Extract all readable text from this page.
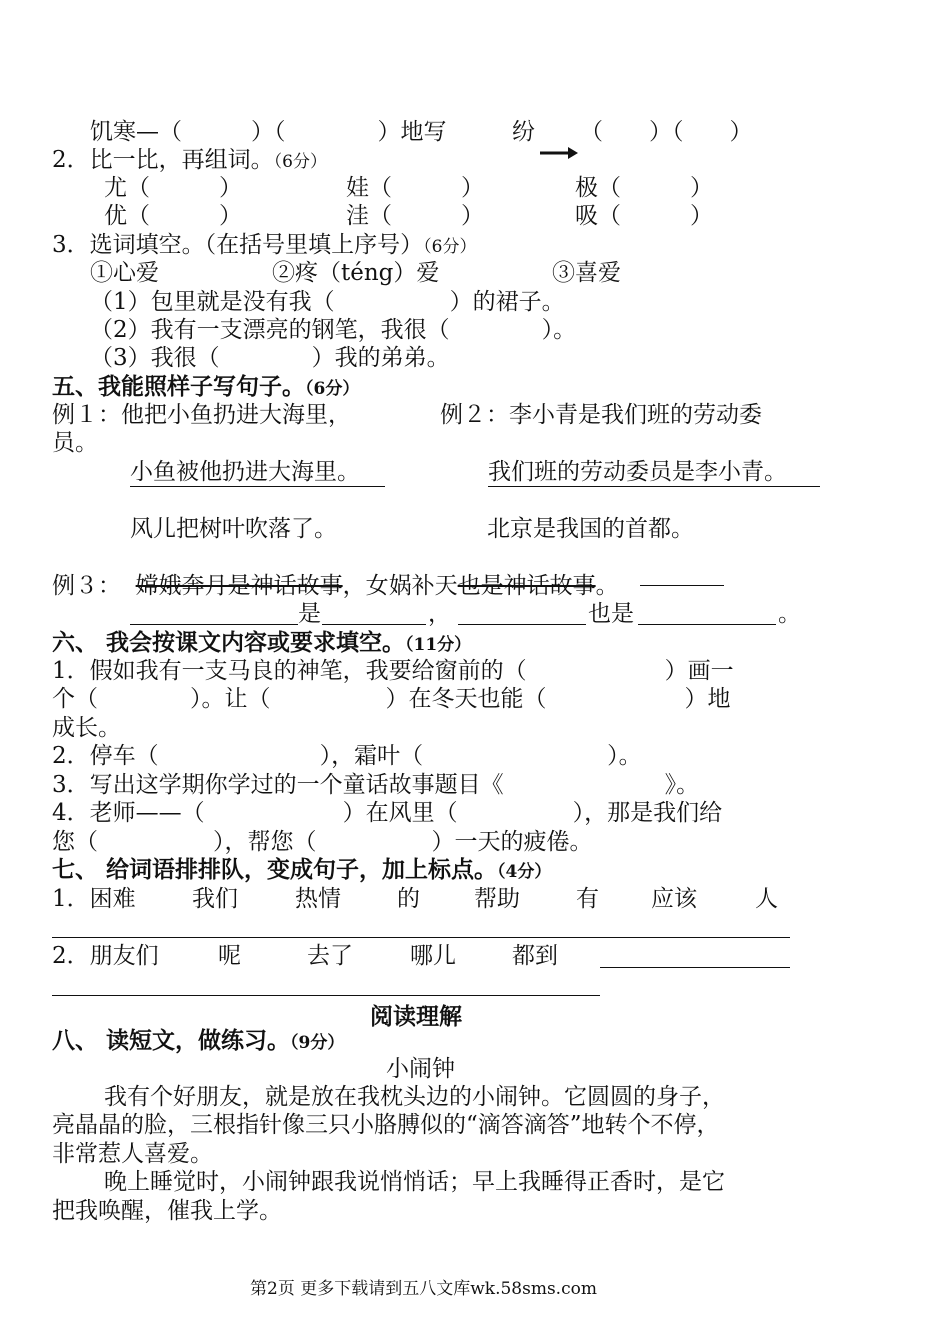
饥寒—（　　　）（　　　　）地写	纷 （　　）（　　）
2．比一比，再组词。（6分）
尤（　　　）	娃（　　　）	极（　　　）
优（　　　）	洼（　　　）	吸（　　　）
3．选词填空。（在括号里填上序号）（6分）
①心爱	②疼（téng）爱	③喜爱
（1）包里就是没有我（　　　　　）的裙子。
（2）我有一支漂亮的钢笔，我很（　　　　）。
（3）我很（　　　　）我的弟弟。
五、我能照样子写句子。（6分）
例１：他把小鱼扔进大海里，	例２：李小青是我们班的劳动委
员。
小鱼被他扔进大海里。	我们班的劳动委员是李小青。
风儿把树叶吹落了。	北京是我国的首都。
例３： 嫦娥奔月是神话故事，女娲补天也是神话故事。
是	，	也是	。
六、 我会按课文内容或要求填空。（11分）
1．假如我有一支马良的神笔，我要给窗前的（　　　　　　）画一
个（　　　　）。让（　　　　　）在冬天也能（　　　　　　）地
成长。
2．停车（　　　　　　　），霜叶（　　　　　　　　）。
3．写出这学期你学过的一个童话故事题目《　　　　　　　》。
4．老师——（　　　　　　）在风里（　　　　　），那是我们给
您（　　　　　），帮您（　　　　　）一天的疲倦。
七、 给词语排排队，变成句子，加上标点。（4分）
1．困难 我们 热情 的 帮助 有 应该	人
2．朋友们	呢	去了 哪儿 都到
阅读理解
八、 读短文，做练习。（9分）
小闹钟
我有个好朋友，就是放在我枕头边的小闹钟。它圆圆的身子，
亮晶晶的脸，三根指针像三只小胳膊似的“滴答滴答”地转个不停，
非常惹人喜爱。
晚上睡觉时，小闹钟跟我说悄悄话；早上我睡得正香时，是它
把我唤醒，催我上学。
第2页 更多下载请到五八文库wk.58sms.com
